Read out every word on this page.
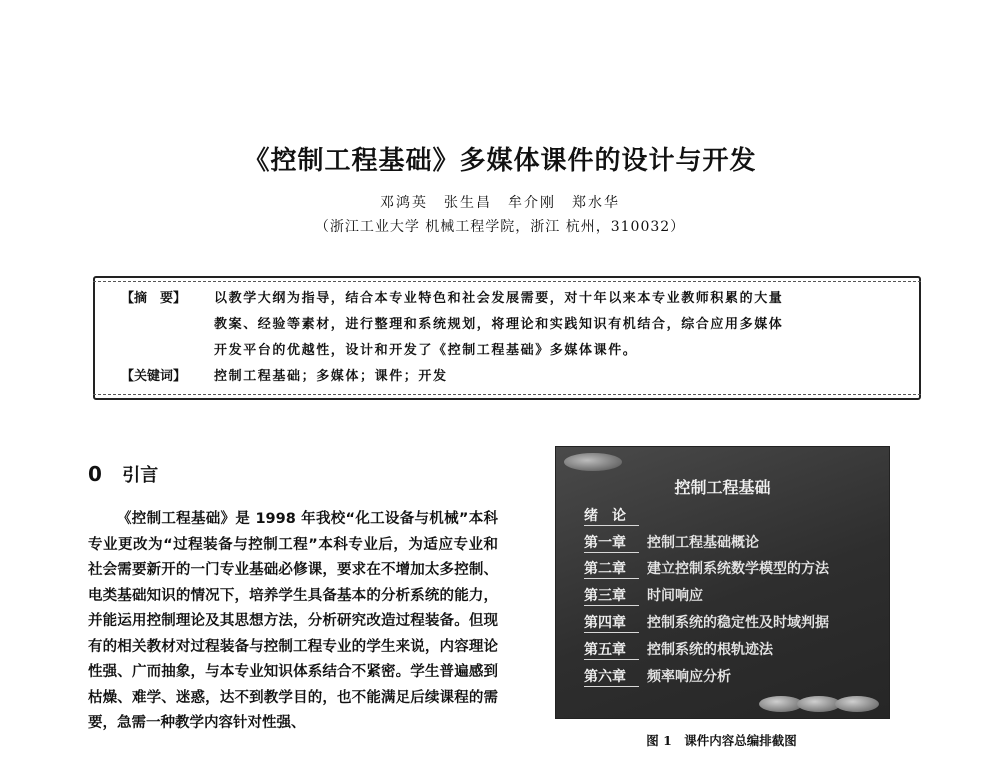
《控制工程基础》多媒体课件的设计与开发
邓鸿英　张生昌　牟介刚　郑水华
（浙江工业大学 机械工程学院，浙江 杭州，310032）
【摘　要】	以教学大纲为指导，结合本专业特色和社会发展需要，对十年以来本专业教师积累的大量
教案、经验等素材，进行整理和系统规划，将理论和实践知识有机结合，综合应用多媒体
开发平台的优越性，设计和开发了《控制工程基础》多媒体课件。
【关键词】	控制工程基础；多媒体；课件；开发
0 引言

《控制工程基础》是 1998 年我校“化工设备与机械”本科专业更改为“过程装备与控制工程”本科专业后，为适应专业和社会需要新开的一门专业基础必修课，要求在不增加太多控制、电类基础知识的情况下，培养学生具备基本的分析系统的能力，并能运用控制理论及其思想方法，分析研究改造过程装备。但现有的相关教材对过程装备与控制工程专业的学生来说，内容理论性强、广而抽象，与本专业知识体系结合不紧密。学生普遍感到枯燥、难学、迷惑，达不到教学目的，也不能满足后续课程的需要，急需一种教学内容针对性强、

控制工程基础
绪　论
第一章 控制工程基础概论
第二章 建立控制系统数学模型的方法
第三章 时间响应
第四章 控制系统的稳定性及时域判据
第五章 控制系统的根轨迹法
第六章 频率响应分析
图 1　课件内容总编排截图
